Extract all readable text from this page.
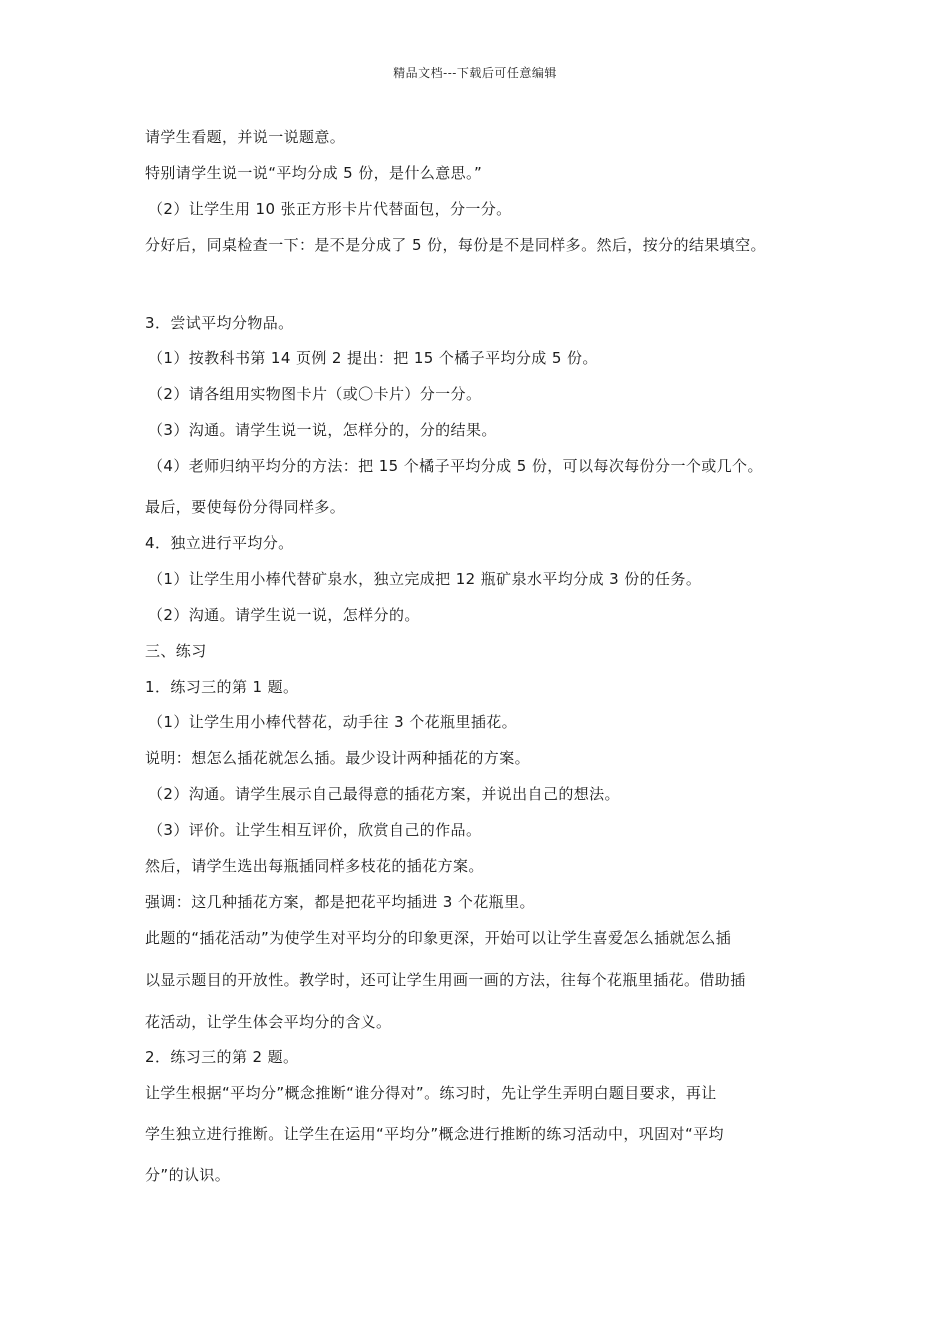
精品文档---下载后可任意编辑
请学生看题，并说一说题意。
特别请学生说一说“平均分成 5 份，是什么意思。”
（2）让学生用 10 张正方形卡片代替面包，分一分。
分好后，同桌检查一下：是不是分成了 5 份，每份是不是同样多。然后，按分的结果填空。
3．尝试平均分物品。
（1）按教科书第 14 页例 2 提出：把 15 个橘子平均分成 5 份。
（2）请各组用实物图卡片（或〇卡片）分一分。
（3）沟通。请学生说一说，怎样分的，分的结果。
（4）老师归纳平均分的方法：把 15 个橘子平均分成 5 份，可以每次每份分一个或几个。
最后，要使每份分得同样多。
4．独立进行平均分。
（1）让学生用小棒代替矿泉水，独立完成把 12 瓶矿泉水平均分成 3 份的任务。
（2）沟通。请学生说一说，怎样分的。
三、练习
1．练习三的第 1 题。
（1）让学生用小棒代替花，动手往 3 个花瓶里插花。
说明：想怎么插花就怎么插。最少设计两种插花的方案。
（2）沟通。请学生展示自己最得意的插花方案，并说出自己的想法。
（3）评价。让学生相互评价，欣赏自己的作品。
然后，请学生选出每瓶插同样多枝花的插花方案。
强调：这几种插花方案，都是把花平均插进 3 个花瓶里。
此题的“插花活动”为使学生对平均分的印象更深，开始可以让学生喜爱怎么插就怎么插
以显示题目的开放性。教学时，还可让学生用画一画的方法，往每个花瓶里插花。借助插
花活动，让学生体会平均分的含义。
2．练习三的第 2 题。
让学生根据“平均分”概念推断“谁分得对”。练习时，先让学生弄明白题目要求，再让
学生独立进行推断。让学生在运用“平均分”概念进行推断的练习活动中，巩固对“平均
分”的认识。
